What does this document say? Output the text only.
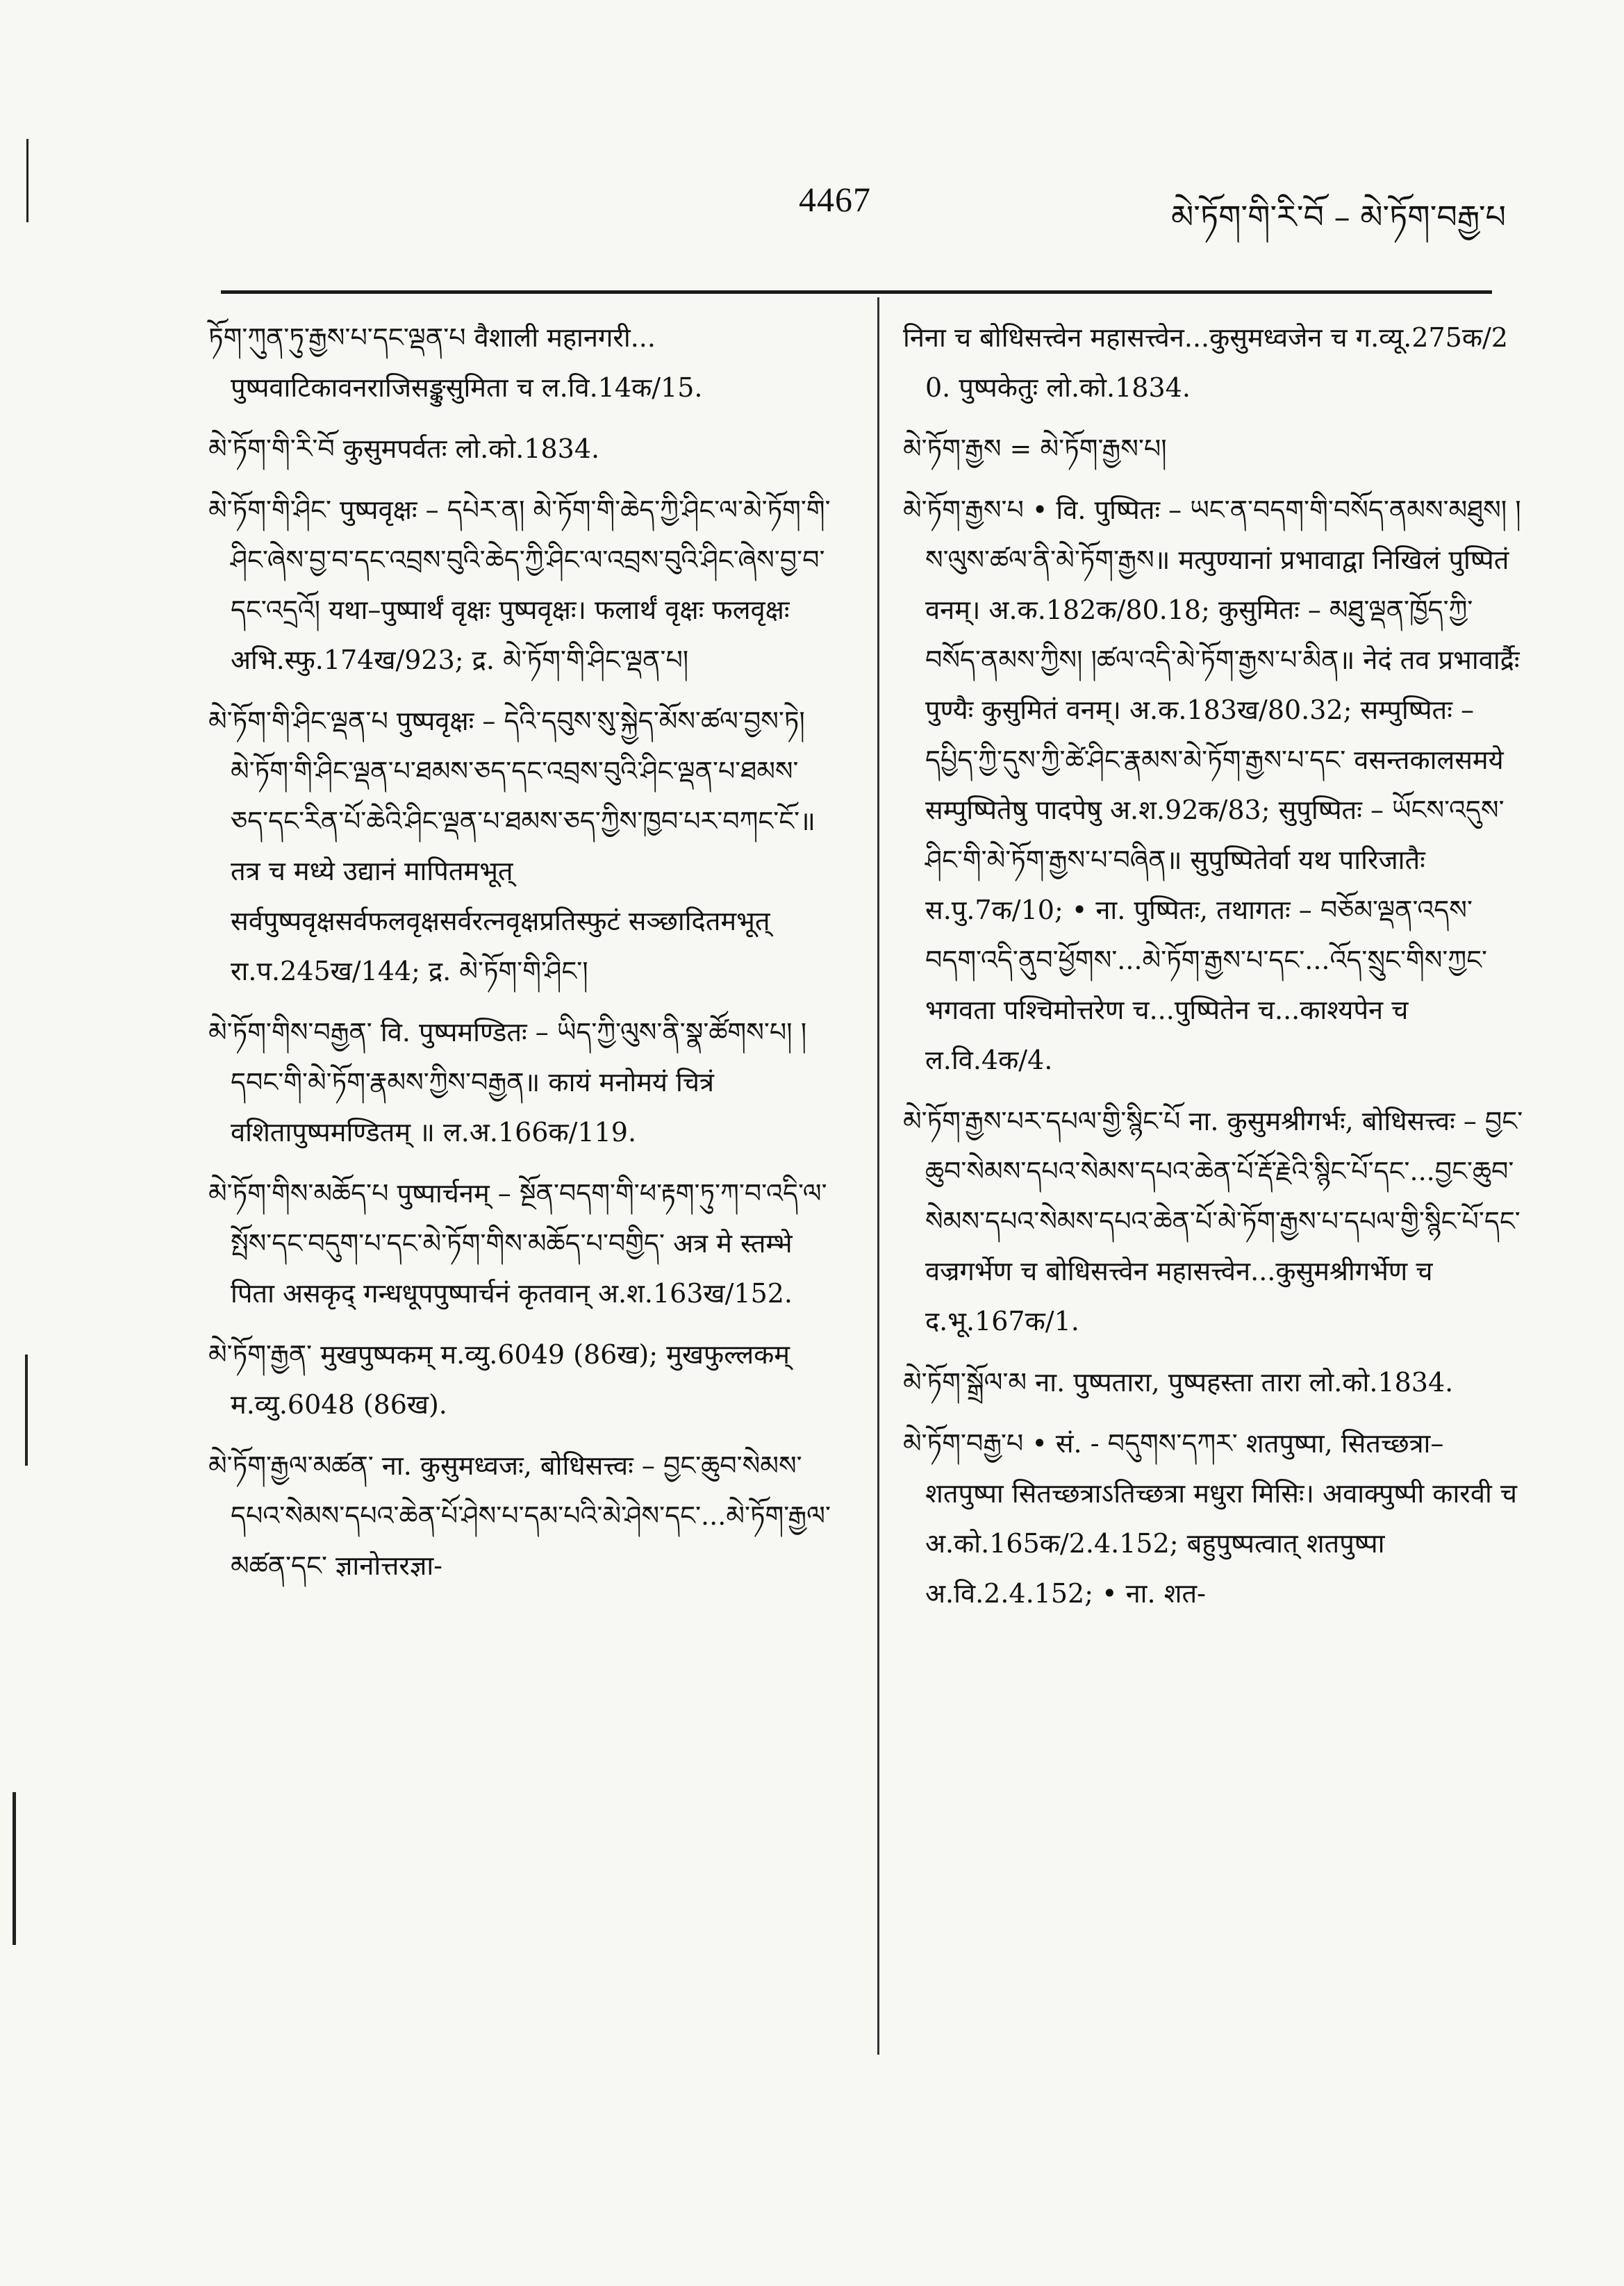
4467	མེ་ཏོག་གི་རི་བོ – མེ་ཏོག་བརྒྱ་པ

ཏོག་ཀུན་ཏུ་རྒྱས་པ་དང་ལྡན་པ वैशाली महानगरी... पुष्पवाटिकावनराजिसङ्कुसुमिता च ल.वि.14क/15.

མེ་ཏོག་གི་རི་བོ कुसुमपर्वतः लो.को.1834.

མེ་ཏོག་གི་ཤིང་ पुष्पवृक्षः – དཔེར་ན། མེ་ཏོག་གི་ཆེད་ཀྱི་ཤིང་ལ་མེ་ཏོག་གི་ཤིང་ཞེས་བྱ་བ་དང་འབྲས་བུའི་ཆེད་ཀྱི་ཤིང་ལ་འབྲས་བུའི་ཤིང་ཞེས་བྱ་བ་དང་འདྲའོ། यथा–पुष्पार्थं वृक्षः पुष्पवृक्षः। फलार्थं वृक्षः फलवृक्षः अभि.स्फु.174ख/923; द्र. མེ་ཏོག་གི་ཤིང་ལྡན་པ།

མེ་ཏོག་གི་ཤིང་ལྡན་པ पुष्पवृक्षः – དེའི་དབུས་སུ་སྐྱེད་མོས་ཚལ་བྱས་ཏེ། མེ་ཏོག་གི་ཤིང་ལྡན་པ་ཐམས་ཅད་དང་འབྲས་བུའི་ཤིང་ལྡན་པ་ཐམས་ཅད་དང་རིན་པོ་ཆེའི་ཤིང་ལྡན་པ་ཐམས་ཅད་ཀྱིས་ཁྱབ་པར་བཀང་ངོ་॥ तत्र च मध्ये उद्यानं मापितमभूत् सर्वपुष्पवृक्षसर्वफलवृक्षसर्वरत्नवृक्षप्रतिस्फुटं सञ्छादितमभूत् रा.प.245ख/144; द्र. མེ་ཏོག་གི་ཤིང་།

མེ་ཏོག་གིས་བརྒྱན་ वि. पुष्पमण्डितः – ཡིད་ཀྱི་ལུས་ནི་སྣ་ཚོགས་པ། །དབང་གི་མེ་ཏོག་རྣམས་ཀྱིས་བརྒྱན॥ कायं मनोमयं चित्रं वशितापुष्पमण्डितम् ॥ ल.अ.166क/119.

མེ་ཏོག་གིས་མཆོད་པ पुष्पार्चनम् – སྔོན་བདག་གི་ཕ་རྟག་ཏུ་ཀ་བ་འདི་ལ་སྤོས་དང་བདུག་པ་དང་མེ་ཏོག་གིས་མཆོད་པ་བགྱིད་ अत्र मे स्तम्भे पिता असकृद् गन्धधूपपुष्पार्चनं कृतवान् अ.श.163ख/152.

མེ་ཏོག་རྒྱན་ मुखपुष्पकम् म.व्यु.6049 (86ख); मुखफुल्लकम् म.व्यु.6048 (86ख).

མེ་ཏོག་རྒྱལ་མཚན་ ना. कुसुमध्वजः, बोधिसत्त्वः – བྱང་ཆུབ་སེམས་དཔའ་སེམས་དཔའ་ཆེན་པོ་ཤེས་པ་དམ་པའི་མེ་ཤེས་དང་...མེ་ཏོག་རྒྱལ་མཚན་དང་ ज्ञानोत्तरज्ञा-

निना च बोधिसत्त्वेन महासत्त्वेन...कुसुमध्वजेन च ग.व्यू.275क/2 0. पुष्पकेतुः लो.को.1834.

མེ་ཏོག་རྒྱས = མེ་ཏོག་རྒྱས་པ།

མེ་ཏོག་རྒྱས་པ • वि. पुष्पितः – ཡང་ན་བདག་གི་བསོད་ནམས་མཐུས། །ས་ལུས་ཚལ་ནི་མེ་ཏོག་རྒྱས॥ मत्पुण्यानां प्रभावाद्वा निखिलं पुष्पितं वनम्। अ.क.182क/80.18; कुसुमितः – མཐུ་ལྡན་ཁྱོད་ཀྱི་བསོད་ནམས་ཀྱིས། །ཚལ་འདི་མེ་ཏོག་རྒྱས་པ་མིན॥ नेदं तव प्रभावार्द्रैः पुण्यैः कुसुमितं वनम्। अ.क.183ख/80.32; सम्पुष्पितः – དཔྱིད་ཀྱི་དུས་ཀྱི་ཚེ་ཤིང་རྣམས་མེ་ཏོག་རྒྱས་པ་དང་ वसन्तकालसमये सम्पुष्पितेषु पादपेषु अ.श.92क/83; सुपुष्पितः – ཡོངས་འདུས་ཤིང་གི་མེ་ཏོག་རྒྱས་པ་བཞིན॥ सुपुष्पितेर्वा यथ पारिजातैः स.पु.7क/10; • ना. पुष्पितः, तथागतः – བཅོམ་ལྡན་འདས་བདག་འདི་ནུབ་ཕྱོགས་...མེ་ཏོག་རྒྱས་པ་དང་...འོད་སྲུང་གིས་ཀྱང་ भगवता पश्चिमोत्तरेण च...पुष्पितेन च...काश्यपेन च ल.वि.4क/4.

མེ་ཏོག་རྒྱས་པར་དཔལ་གྱི་སྙིང་པོ ना. कुसुमश्रीगर्भः, बोधिसत्त्वः – བྱང་ཆུབ་སེམས་དཔའ་སེམས་དཔའ་ཆེན་པོ་རྡོ་རྗེའི་སྙིང་པོ་དང་...བྱང་ཆུབ་སེམས་དཔའ་སེམས་དཔའ་ཆེན་པོ་མེ་ཏོག་རྒྱས་པ་དཔལ་གྱི་སྙིང་པོ་དང་ वज्रगर्भेण च बोधिसत्त्वेन महासत्त्वेन...कुसुमश्रीगर्भेण च द.भू.167क/1.

མེ་ཏོག་སྒྲོལ་མ ना. पुष्पतारा, पुष्पहस्ता तारा लो.को.1834.

མེ་ཏོག་བརྒྱ་པ • सं. - བདུགས་དཀར་ शतपुष्पा, सितच्छत्रा– शतपुष्पा सितच्छत्राऽतिच्छत्रा मधुरा मिसिः। अवाक्पुष्पी कारवी च अ.को.165क/2.4.152; बहुपुष्पत्वात् शतपुष्पा अ.वि.2.4.152; • ना. शत-
